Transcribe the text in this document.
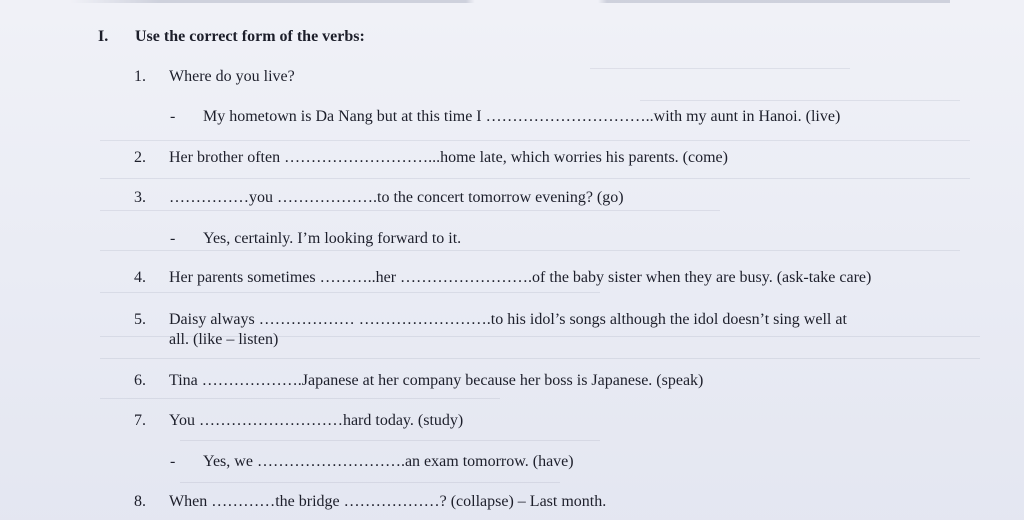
I. Use the correct form of the verbs:
1. Where do you live?
- My hometown is Da Nang but at this time I …………………………..with my aunt in Hanoi. (live)
2. Her brother often ………………………...home late, which worries his parents. (come)
3. ……………you ……………….to the concert tomorrow evening? (go)
- Yes, certainly. I’m looking forward to it.
4. Her parents sometimes ………..her …………………….of the baby sister when they are busy. (ask-take care)
5. Daisy always ……………… …………………….to his idol’s songs although the idol doesn’t sing well at
all. (like – listen)
6. Tina ……………….Japanese at her company because her boss is Japanese. (speak)
7. You ………………………hard today. (study)
- Yes, we ……………………….an exam tomorrow. (have)
8. When …………the bridge ………………? (collapse) – Last month.
